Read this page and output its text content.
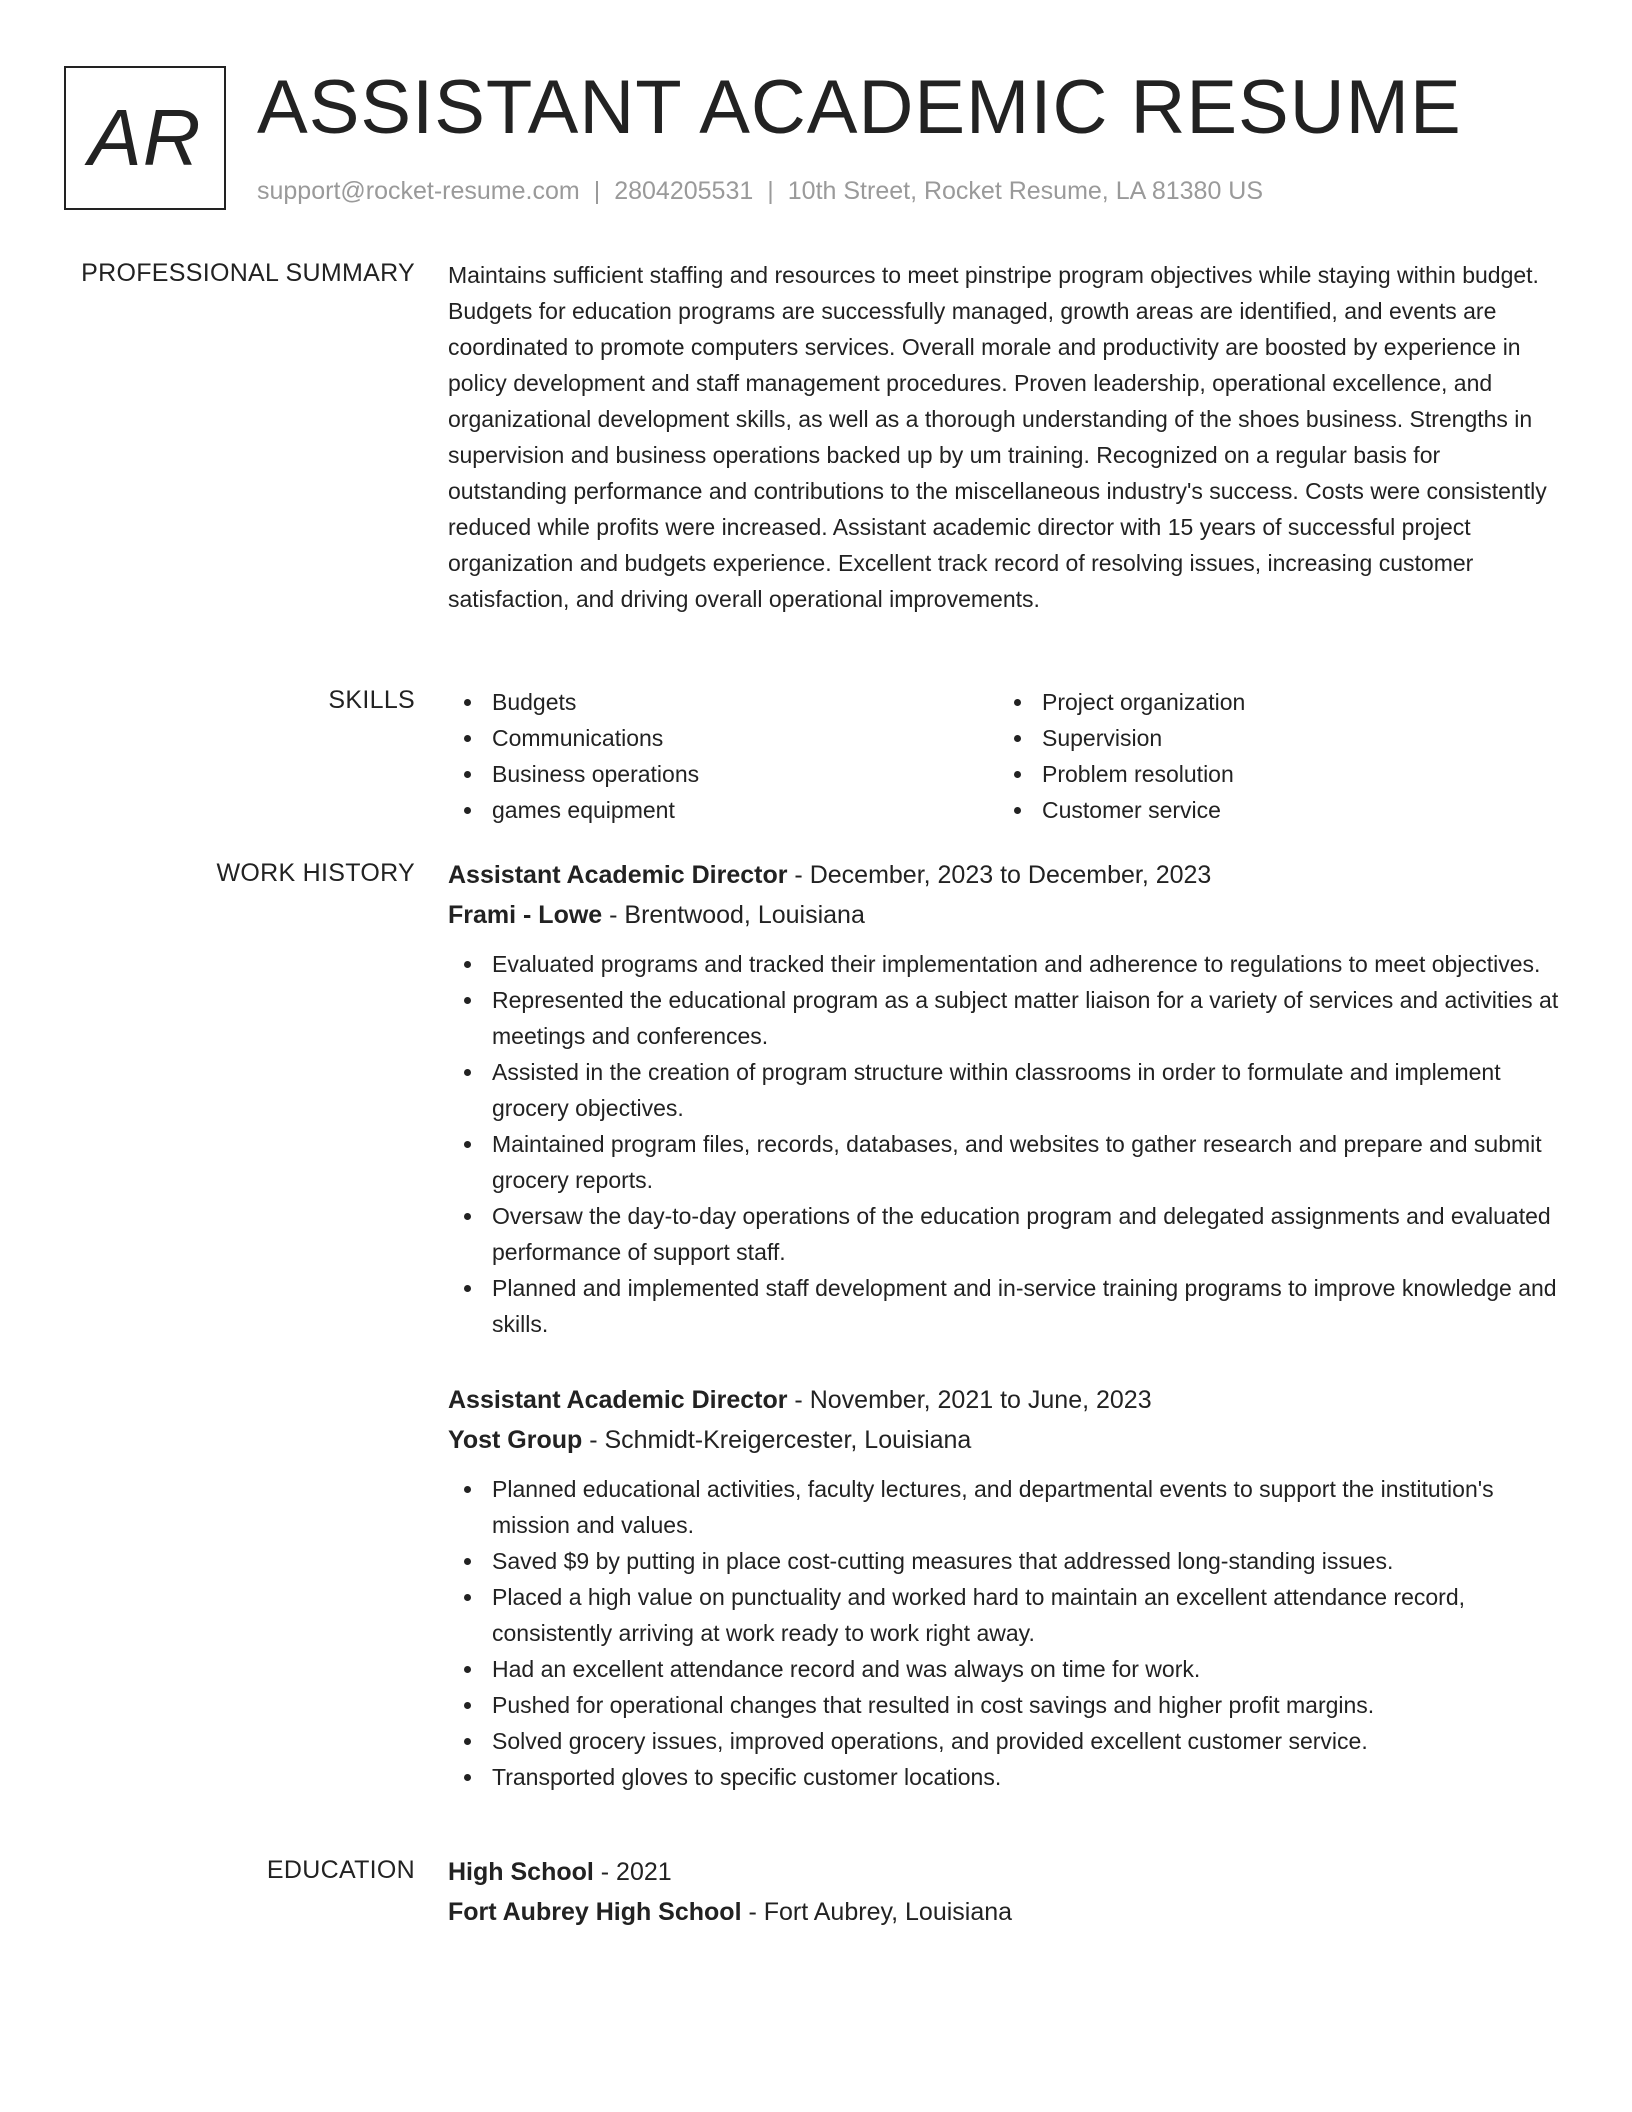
AR ASSISTANT ACADEMIC RESUME
support@rocket-resume.com | 2804205531 | 10th Street, Rocket Resume, LA 81380 US
PROFESSIONAL SUMMARY Maintains sufficient staffing and resources to meet pinstripe program objectives while staying within budget. Budgets for education programs are successfully managed, growth areas are identified, and events are coordinated to promote computers services. Overall morale and productivity are boosted by experience in policy development and staff management procedures. Proven leadership, operational excellence, and organizational development skills, as well as a thorough understanding of the shoes business. Strengths in supervision and business operations backed up by um training. Recognized on a regular basis for outstanding performance and contributions to the miscellaneous industry's success. Costs were consistently reduced while profits were increased. Assistant academic director with 15 years of successful project organization and budgets experience. Excellent track record of resolving issues, increasing customer satisfaction, and driving overall operational improvements.

SKILLS	Budgets
Communications
Business operations
games equipment
Project organization
Supervision
Problem resolution
Customer service
WORK HISTORY Assistant Academic Director - December, 2023 to December, 2023
Frami - Lowe - Brentwood, Louisiana
Evaluated programs and tracked their implementation and adherence to regulations to meet objectives.
Represented the educational program as a subject matter liaison for a variety of services and activities at meetings and conferences.
Assisted in the creation of program structure within classrooms in order to formulate and implement grocery objectives.
Maintained program files, records, databases, and websites to gather research and prepare and submit grocery reports.
Oversaw the day-to-day operations of the education program and delegated assignments and evaluated performance of support staff.
Planned and implemented staff development and in-service training programs to improve knowledge and skills.
Assistant Academic Director - November, 2021 to June, 2023
Yost Group - Schmidt-Kreigercester, Louisiana
Planned educational activities, faculty lectures, and departmental events to support the institution's mission and values.
Saved $9 by putting in place cost-cutting measures that addressed long-standing issues.
Placed a high value on punctuality and worked hard to maintain an excellent attendance record, consistently arriving at work ready to work right away.
Had an excellent attendance record and was always on time for work.
Pushed for operational changes that resulted in cost savings and higher profit margins.
Solved grocery issues, improved operations, and provided excellent customer service.
Transported gloves to specific customer locations.
EDUCATION High School - 2021
Fort Aubrey High School - Fort Aubrey, Louisiana
